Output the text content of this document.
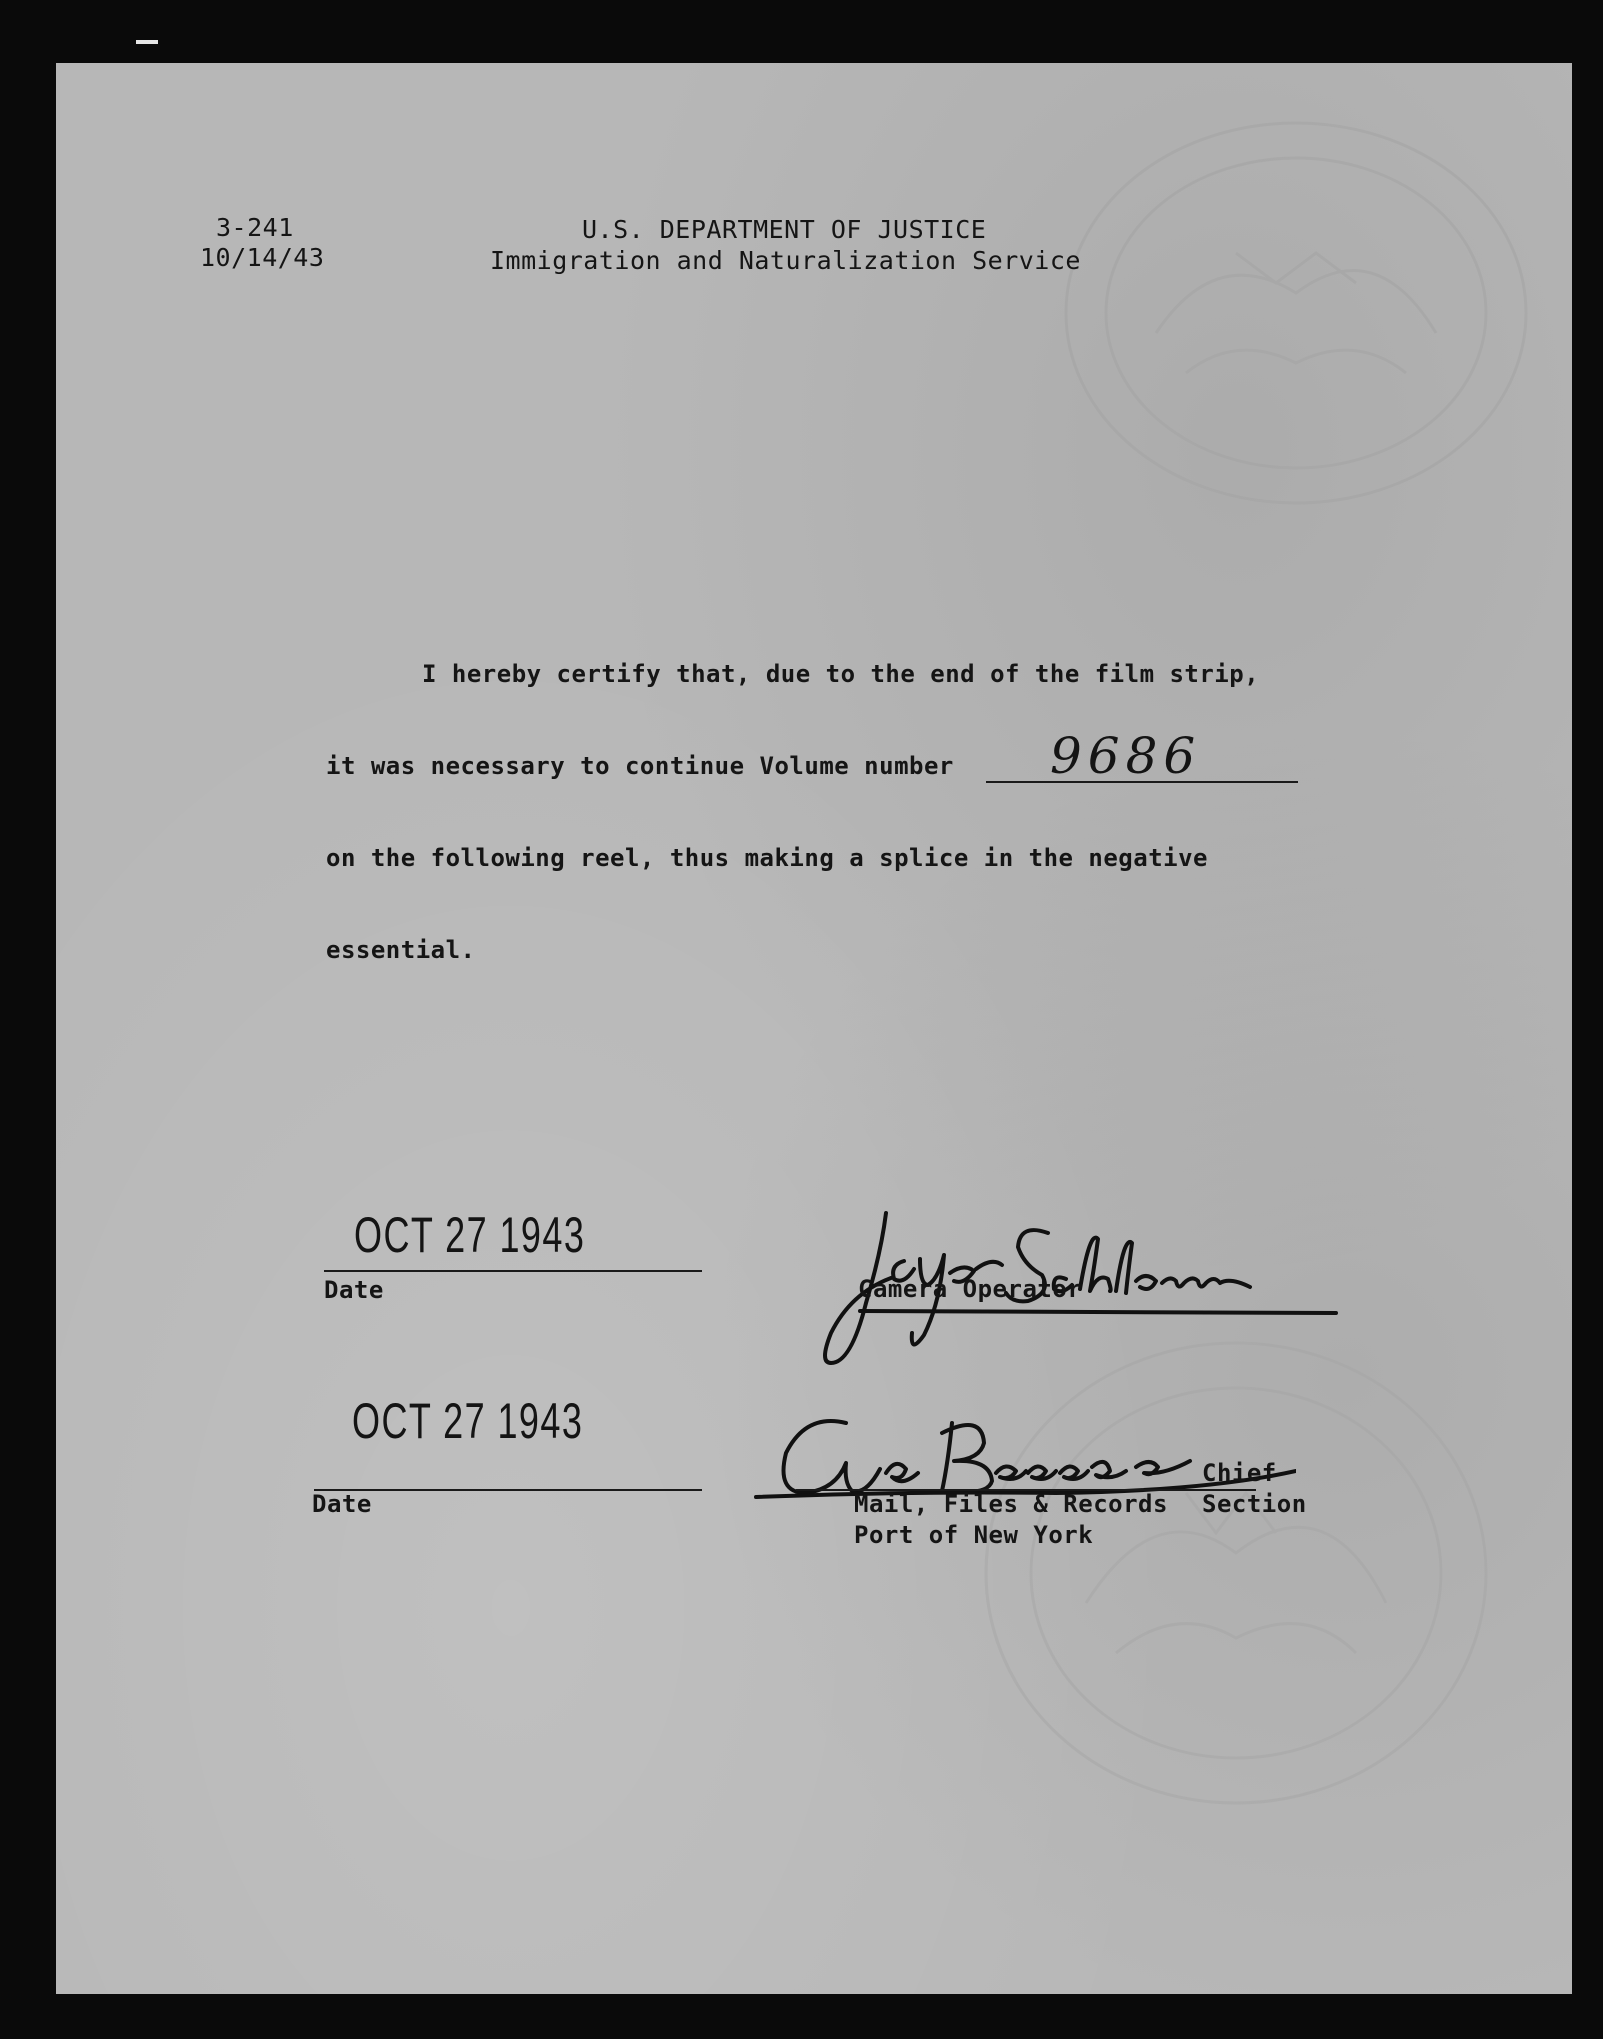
3-241
10/14/43
U.S. DEPARTMENT OF JUSTICE
Immigration and Naturalization Service
I hereby certify that, due to the end of the film strip,
it was necessary to continue Volume number 9686
on the following reel, thus making a splice in the negative
essential.
OCT 27 1943
Date	Camera Operator
OCT 27 1943
Date
Chief
Mail, Files & Records Section
Port of New York
